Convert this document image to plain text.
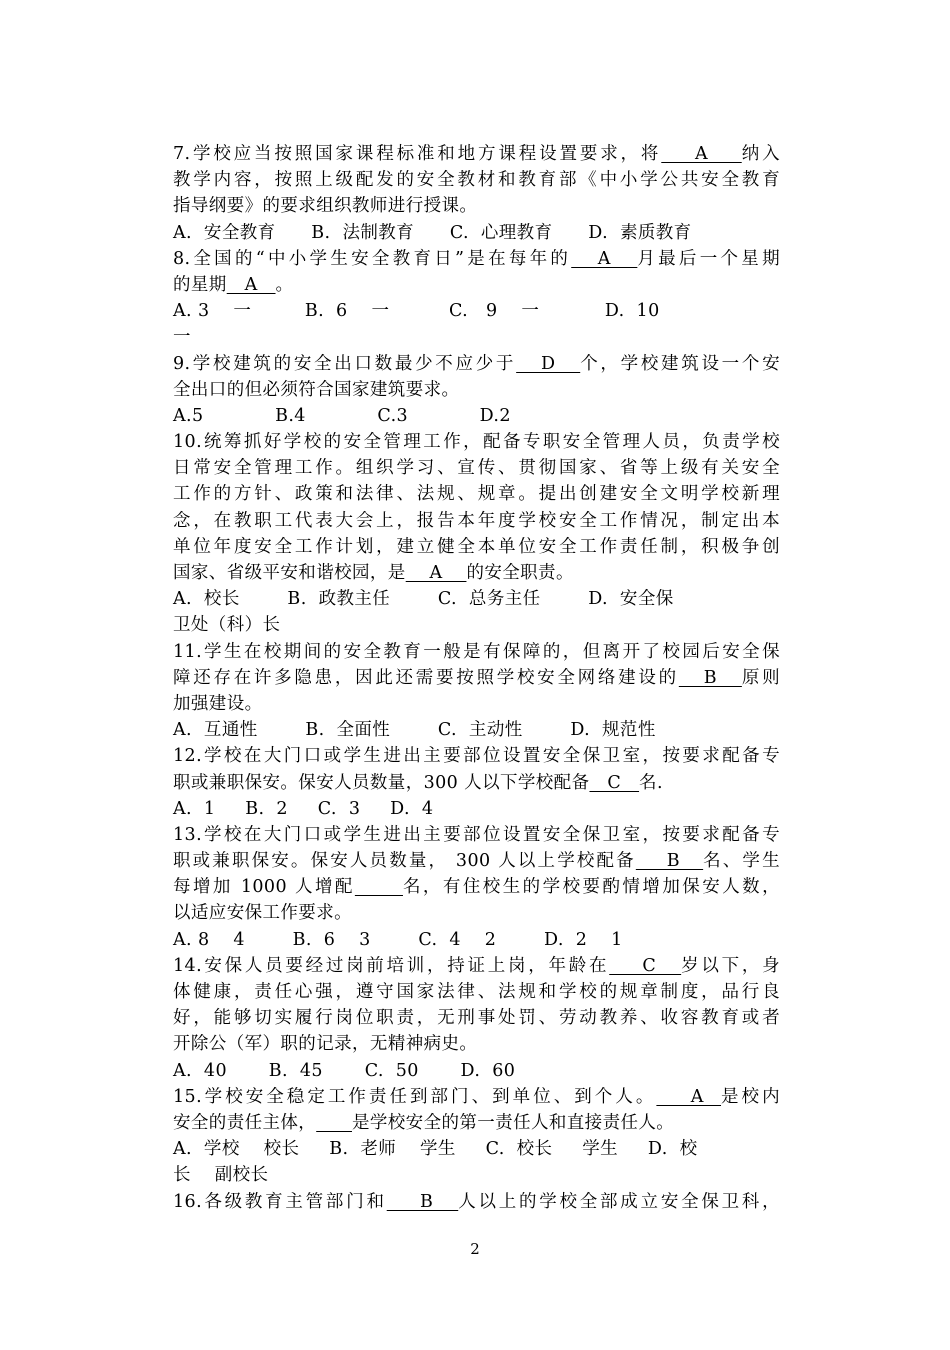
7.学校应当按照国家课程标准和地方课程设置要求，将    A    纳入
教学内容，按照上级配发的安全教材和教育部《中小学公共安全教育
指导纲要》的要求组织教师进行授课。
A.  安全教育      B.  法制教育      C.  心理教育      D.  素质教育
8.全国的“中小学生安全教育日”是在每年的   A   月最后一个星期
的星期   A   。
A. 3    一         B.  6    一          C.   9    一           D.  10
一
9.学校建筑的安全出口数最少不应少于   D   个，学校建筑设一个安
全出口的但必须符合国家建筑要求。
A.5            B.4            C.3            D.2
10.统筹抓好学校的安全管理工作，配备专职安全管理人员，负责学校
日常安全管理工作。组织学习、宣传、贯彻国家、省等上级有关安全
工作的方针、政策和法律、法规、规章。提出创建安全文明学校新理
念，在教职工代表大会上，报告本年度学校安全工作情况，制定出本
单位年度安全工作计划，建立健全本单位安全工作责任制，积极争创
国家、省级平安和谐校园，是    A    的安全职责。
A.  校长        B.  政教主任        C.  总务主任        D.  安全保
卫处（科）长
11.学生在校期间的安全教育一般是有保障的，但离开了校园后安全保
障还存在许多隐患，因此还需要按照学校安全网络建设的   B   原则
加强建设。
A.  互通性        B.  全面性        C.  主动性        D.  规范性
12.学校在大门口或学生进出主要部位设置安全保卫室，按要求配备专
职或兼职保安。保安人员数量，300 人以下学校配备   C   名.
A.  1     B.  2     C.  3     D.  4
13.学校在大门口或学生进出主要部位设置安全保卫室，按要求配备专
职或兼职保安。保安人员数量， 300 人以上学校配备    B   名、学生
每增加 1000 人增配	名，有住校生的学校要酌情增加保安人数，
以适应安保工作要求。
A. 8    4        B.  6    3        C.  4    2        D.  2    1
14.安保人员要经过岗前培训，持证上岗，年龄在    C   岁以下，身
体健康，责任心强，遵守国家法律、法规和学校的规章制度，品行良
好，能够切实履行岗位职责，无刑事处罚、劳动教养、收容教育或者
开除公（军）职的记录，无精神病史。
A.  40       B.  45       C.  50       D.  60
15.学校安全稳定工作责任到部门、到单位、到个人。    A  是校内
安全的责任主体， 是学校安全的第一责任人和直接责任人。
A.  学校    校长     B.  老师    学生     C.  校长     学生     D.  校
长    副校长
16.各级教育主管部门和    B   人以上的学校全部成立安全保卫科，
2
